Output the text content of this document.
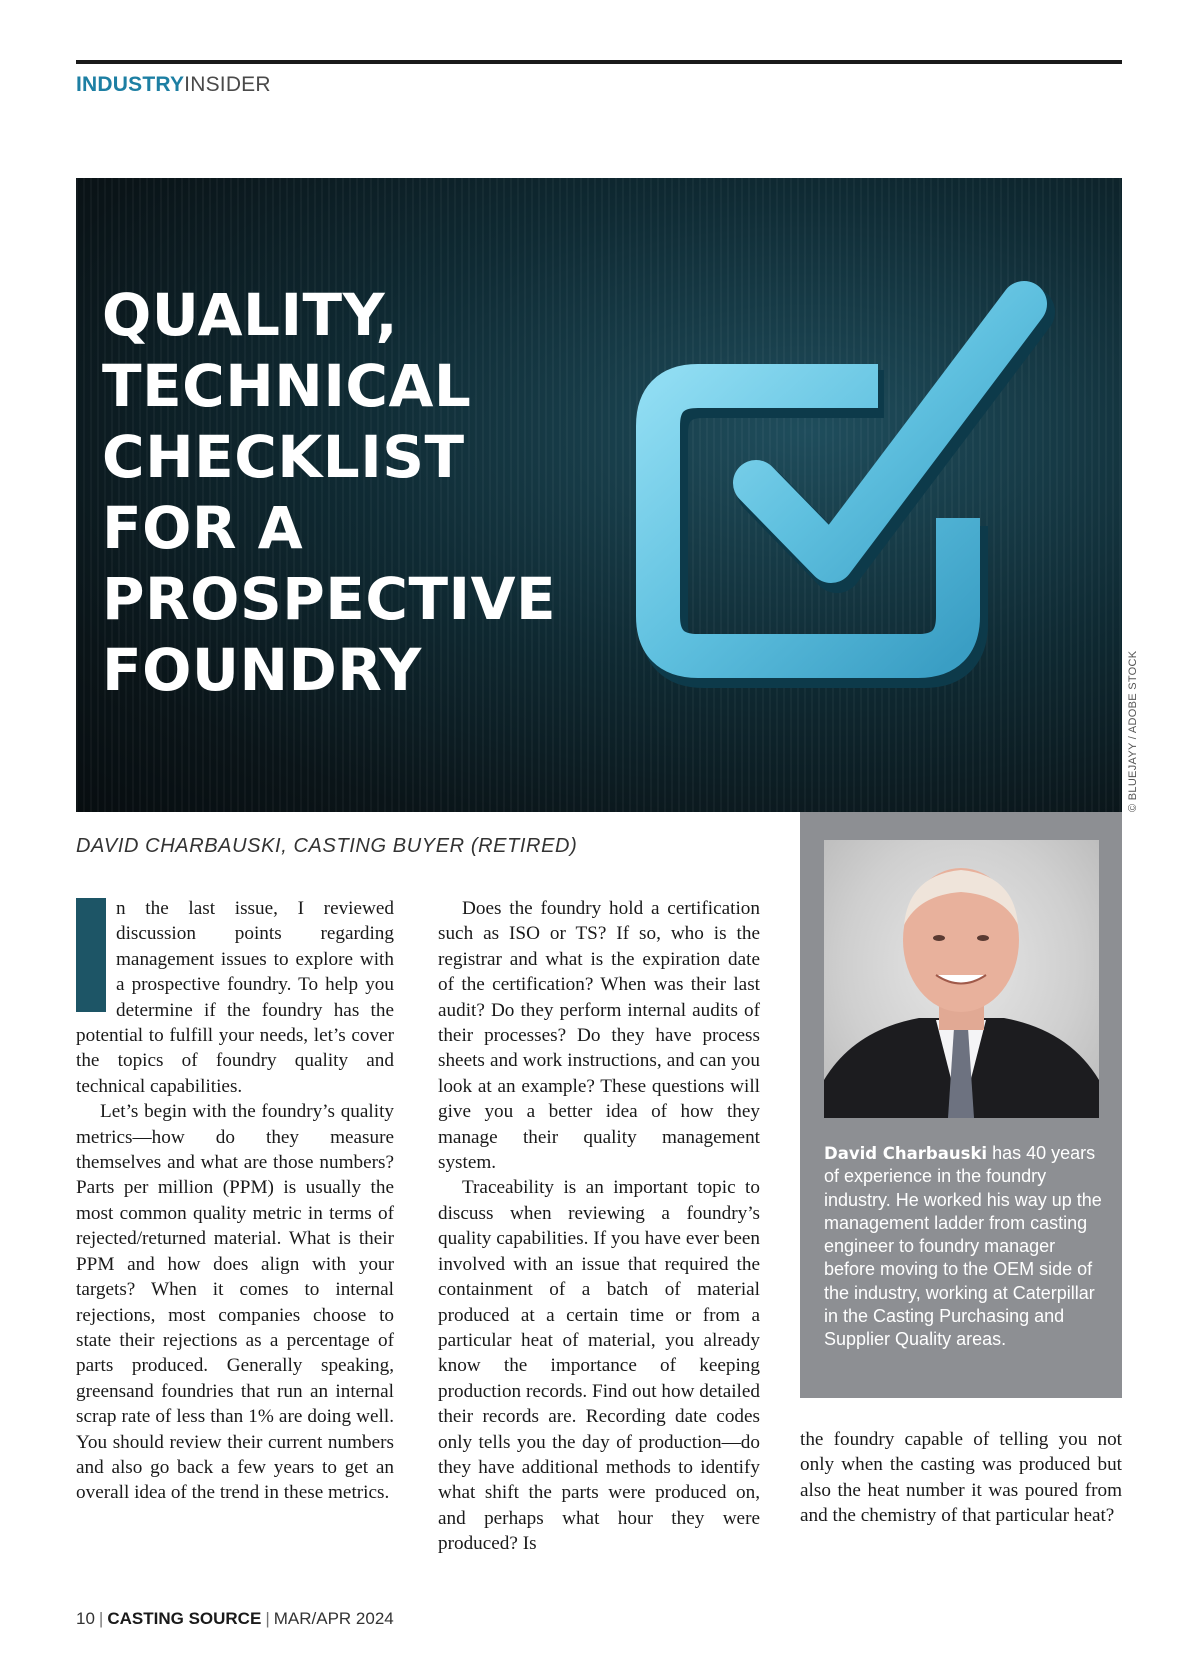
INDUSTRYINSIDER
QUALITY,
TECHNICAL
CHECKLIST
FOR A
PROSPECTIVE
FOUNDRY	© BLUEJAYY / ADOBE STOCK
DAVID CHARBAUSKI, CASTING BUYER (RETIRED)

n the last issue, I reviewed discussion points regarding management issues to explore with a prospective foundry. To help you determine if the foundry has the potential to fulfill your needs, let’s cover the topics of foundry quality and technical capabilities.

Let’s begin with the foundry’s quality metrics—how do they measure themselves and what are those numbers? Parts per million (PPM) is usually the most common quality metric in terms of rejected/returned material. What is their PPM and how does align with your targets? When it comes to internal rejections, most companies choose to state their rejections as a percentage of parts produced. Generally speaking, greensand foundries that run an internal scrap rate of less than 1% are doing well. You should review their current numbers and also go back a few years to get an overall idea of the trend in these metrics.

Does the foundry hold a certification such as ISO or TS? If so, who is the registrar and what is the expiration date of the certification? When was their last audit? Do they perform internal audits of their processes? Do they have process sheets and work instructions, and can you look at an example? These questions will give you a better idea of how they manage their quality management system.

Traceability is an important topic to discuss when reviewing a foundry’s quality capabilities. If you have ever been involved with an issue that required the containment of a batch of material produced at a certain time or from a particular heat of material, you already know the importance of keeping production records. Find out how detailed their records are. Recording date codes only tells you the day of production—do they have additional methods to identify what shift the parts were produced on, and perhaps what hour they were produced? Is

David Charbauski has 40 years of experience in the foundry industry. He worked his way up the management ladder from casting engineer to foundry manager before moving to the OEM side of the industry, working at Caterpillar in the Casting Purchasing and Supplier Quality areas.

the foundry capable of telling you not only when the casting was produced but also the heat number it was poured from and the chemistry of that particular heat?

10 | CASTING SOURCE | MAR/APR 2024
